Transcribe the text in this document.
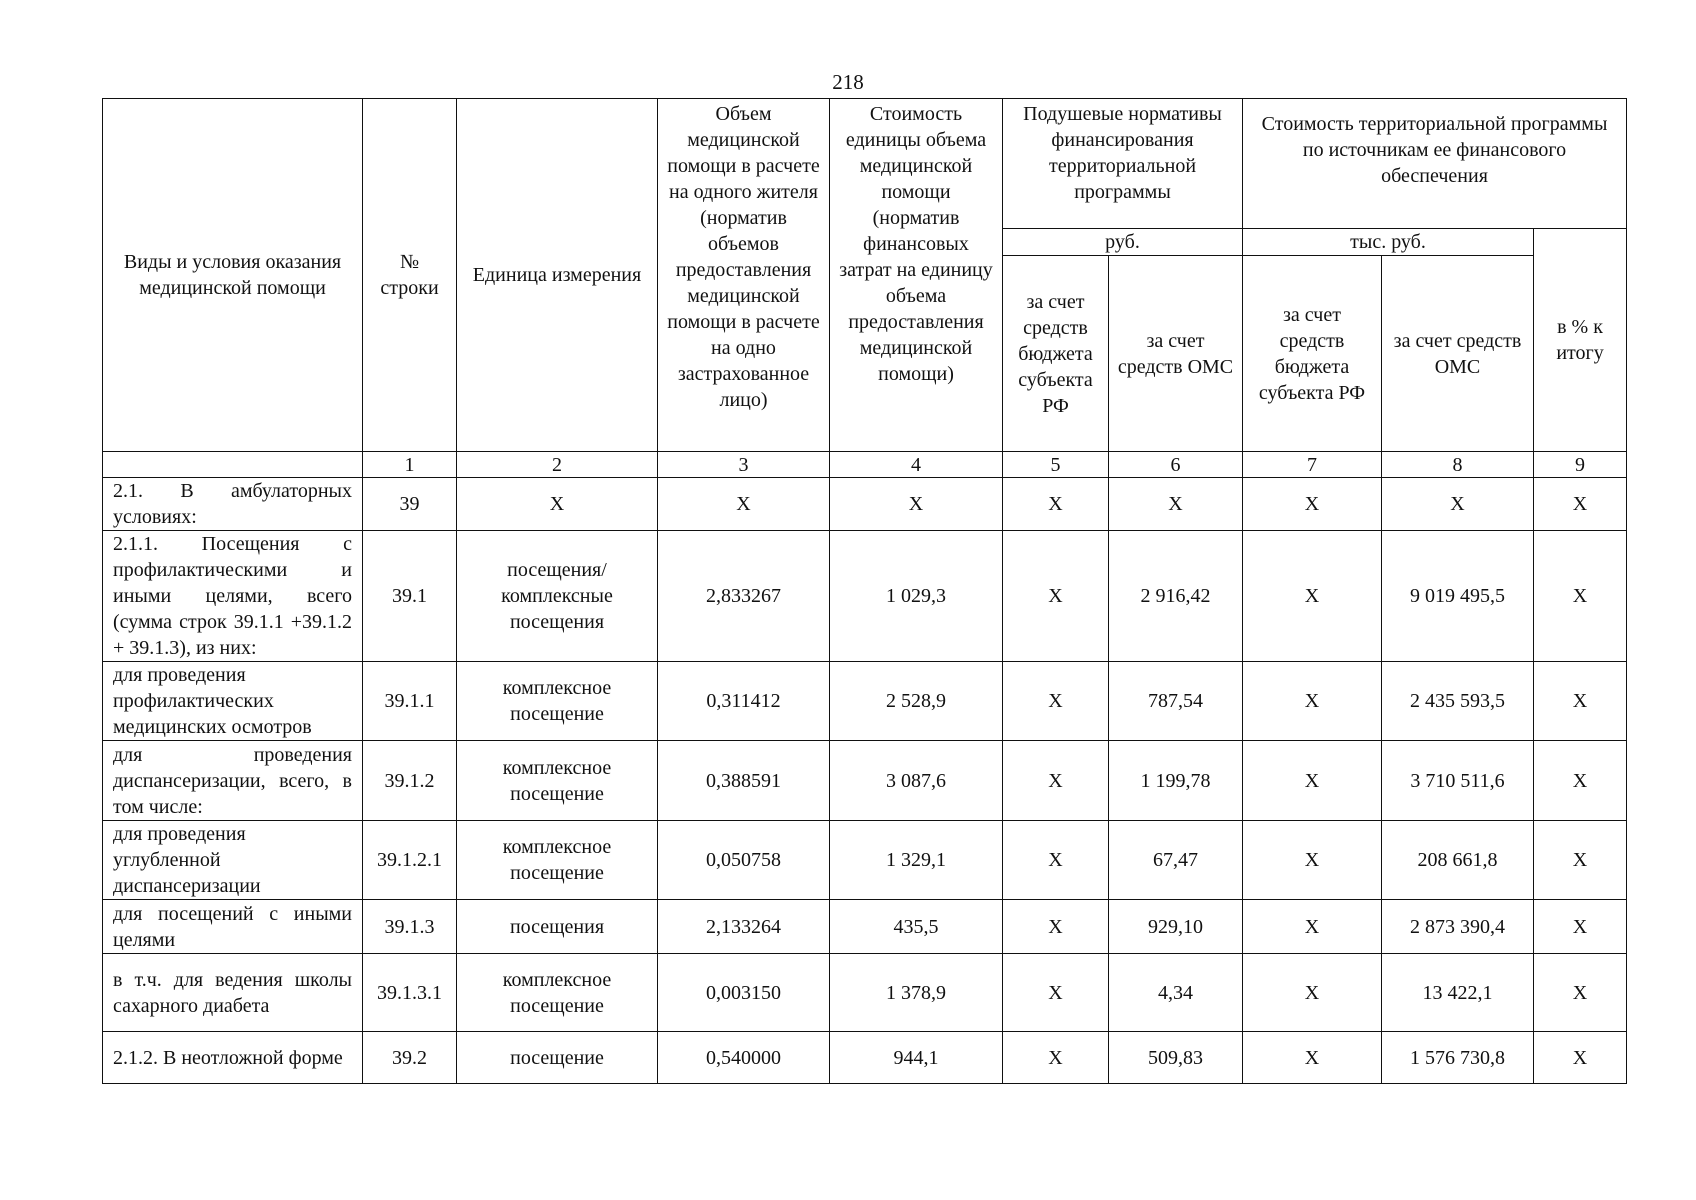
218
Виды и условия оказания медицинской помощи	№ строки	Единица измерения	Объем медицинской помощи в расчете на одного жителя (норматив объемов предоставления медицинской помощи в расчете на одно застрахованное лицо)	Стоимость единицы объема медицинской помощи (норматив финансовых затрат на единицу объема предоставления медицинской помощи)	Подушевые нормативы финансирования территориальной программы		Стоимость территориальной программы по источникам ее финансового обеспечения		
					руб.		тыс. руб.		в % к итогу
					за счет средств бюджета субъекта РФ	за счет средств ОМС	за счет средств бюджета субъекта РФ	за счет средств ОМС	
	1	2	3	4	5	6	7	8	9
2.1. В амбулаторных условиях:	39	X	X	X	X	X	X	X	X
2.1.1. Посещения с профилактическими и иными целями, всего (сумма строк 39.1.1 +39.1.2 + 39.1.3), из них:	39.1	посещения/ комплексные посещения	2,833267	1 029,3	X	2 916,42	X	9 019 495,5	X
для проведения профилактических медицинских осмотров	39.1.1	комплексное посещение	0,311412	2 528,9	X	787,54	X	2 435 593,5	X
для проведения диспансеризации, всего, в том числе:	39.1.2	комплексное посещение	0,388591	3 087,6	X	1 199,78	X	3 710 511,6	X
для проведения углубленной диспансеризации	39.1.2.1	комплексное посещение	0,050758	1 329,1	X	67,47	X	208 661,8	X
для посещений с иными целями	39.1.3	посещения	2,133264	435,5	X	929,10	X	2 873 390,4	X
в т.ч. для ведения школы сахарного диабета	39.1.3.1	комплексное посещение	0,003150	1 378,9	X	4,34	X	13 422,1	X
2.1.2. В неотложной форме	39.2	посещение	0,540000	944,1	X	509,83	X	1 576 730,8	X
